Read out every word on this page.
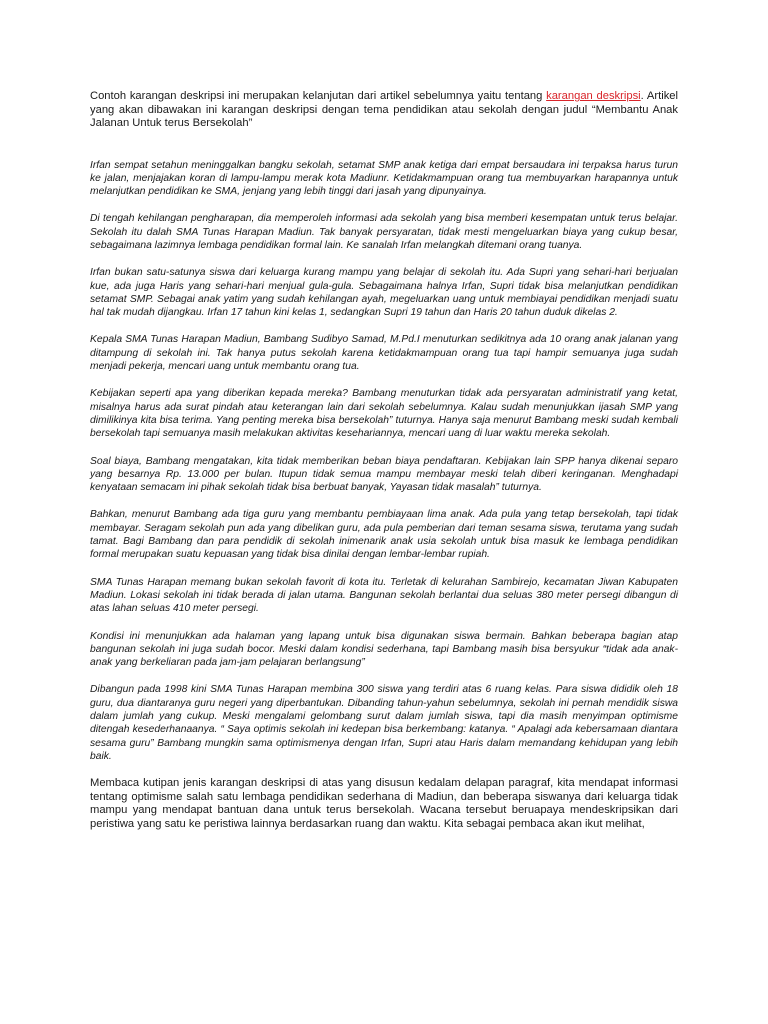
Contoh karangan deskripsi ini merupakan kelanjutan dari artikel sebelumnya yaitu tentang karangan deskripsi. Artikel yang akan dibawakan ini karangan deskripsi dengan tema pendidikan atau sekolah dengan judul “Membantu Anak Jalanan Untuk terus Bersekolah”

Irfan sempat setahun meninggalkan bangku sekolah, setamat SMP anak ketiga dari empat bersaudara ini terpaksa harus turun ke jalan, menjajakan koran di lampu-lampu merak kota Madiunr. Ketidakmampuan orang tua membuyarkan harapannya untuk melanjutkan pendidikan ke SMA, jenjang yang lebih tinggi dari jasah yang dipunyainya.

Di tengah kehilangan pengharapan, dia memperoleh informasi ada sekolah yang bisa memberi kesempatan untuk terus belajar. Sekolah itu dalah SMA Tunas Harapan Madiun. Tak banyak persyaratan, tidak mesti mengeluarkan biaya yang cukup besar, sebagaimana lazimnya lembaga pendidikan formal lain. Ke sanalah Irfan melangkah ditemani orang tuanya.

Irfan bukan satu-satunya siswa dari keluarga kurang mampu yang belajar di sekolah itu. Ada Supri yang sehari-hari berjualan kue, ada juga Haris yang sehari-hari menjual gula-gula. Sebagaimana halnya Irfan, Supri tidak bisa melanjutkan pendidikan setamat SMP. Sebagai anak yatim yang sudah kehilangan ayah, megeluarkan uang untuk membiayai pendidikan menjadi suatu hal tak mudah dijangkau. Irfan 17 tahun kini kelas 1, sedangkan Supri 19 tahun dan Haris 20 tahun duduk dikelas 2.

Kepala SMA Tunas Harapan Madiun, Bambang Sudibyo Samad, M.Pd.I menuturkan sedikitnya ada 10 orang anak jalanan yang ditampung di sekolah ini. Tak hanya putus sekolah karena ketidakmampuan orang tua tapi hampir semuanya juga sudah menjadi pekerja, mencari uang untuk membantu orang tua.

Kebijakan seperti apa yang diberikan kepada mereka? Bambang menuturkan tidak ada persyaratan administratif yang ketat, misalnya harus ada surat pindah atau keterangan lain dari sekolah sebelumnya. Kalau sudah menunjukkan ijasah SMP yang dimilikinya kita bisa terima. Yang penting mereka bisa bersekolah” tuturnya. Hanya saja menurut Bambang meski sudah kembali bersekolah tapi semuanya masih melakukan aktivitas kesehariannya, mencari uang di luar waktu mereka sekolah.

Soal biaya, Bambang mengatakan, kita tidak memberikan beban biaya pendaftaran. Kebijakan lain SPP hanya dikenai separo yang besarnya Rp. 13.000 per bulan. Itupun tidak semua mampu membayar meski telah diberi keringanan. Menghadapi kenyataan semacam ini pihak sekolah tidak bisa berbuat banyak, Yayasan tidak masalah” tuturnya.

Bahkan, menurut Bambang ada tiga guru yang membantu pembiayaan lima anak. Ada pula yang tetap bersekolah, tapi tidak membayar. Seragam sekolah pun ada yang dibelikan guru, ada pula pemberian dari teman sesama siswa, terutama yang sudah tamat. Bagi Bambang dan para pendidik di sekolah inimenarik anak usia sekolah untuk bisa masuk ke lembaga pendidikan formal merupakan suatu kepuasan yang tidak bisa dinilai dengan lembar-lembar rupiah.

SMA Tunas Harapan memang bukan sekolah favorit di kota itu. Terletak di kelurahan Sambirejo, kecamatan Jiwan Kabupaten Madiun. Lokasi sekolah ini tidak berada di jalan utama. Bangunan sekolah berlantai dua seluas 380 meter persegi dibangun di atas lahan seluas 410 meter persegi.

Kondisi ini menunjukkan ada halaman yang lapang untuk bisa digunakan siswa bermain. Bahkan beberapa bagian atap bangunan sekolah ini juga sudah bocor. Meski dalam kondisi sederhana, tapi Bambang masih bisa bersyukur “tidak ada anak-anak yang berkeliaran pada jam-jam pelajaran berlangsung”

Dibangun pada 1998 kini SMA Tunas Harapan membina 300 siswa yang terdiri atas 6 ruang kelas. Para siswa dididik oleh 18 guru, dua diantaranya guru negeri yang diperbantukan. Dibanding tahun-yahun sebelumnya, sekolah ini pernah mendidik siswa dalam jumlah yang cukup. Meski mengalami gelombang surut dalam jumlah siswa, tapi dia masih menyimpan optimisme ditengah kesederhanaanya. “ Saya optimis sekolah ini kedepan bisa berkembang: katanya. “ Apalagi ada kebersamaan diantara sesama guru” Bambang mungkin sama optimismenya dengan Irfan, Supri atau Haris dalam memandang kehidupan yang lebih baik.

Membaca kutipan jenis karangan deskripsi di atas yang disusun kedalam delapan paragraf, kita mendapat informasi tentang optimisme salah satu lembaga pendidikan sederhana di Madiun, dan beberapa siswanya dari keluarga tidak mampu yang mendapat bantuan dana untuk terus bersekolah. Wacana tersebut beruapaya mendeskripsikan dari peristiwa yang satu ke peristiwa lainnya berdasarkan ruang dan waktu. Kita sebagai pembaca akan ikut melihat,
